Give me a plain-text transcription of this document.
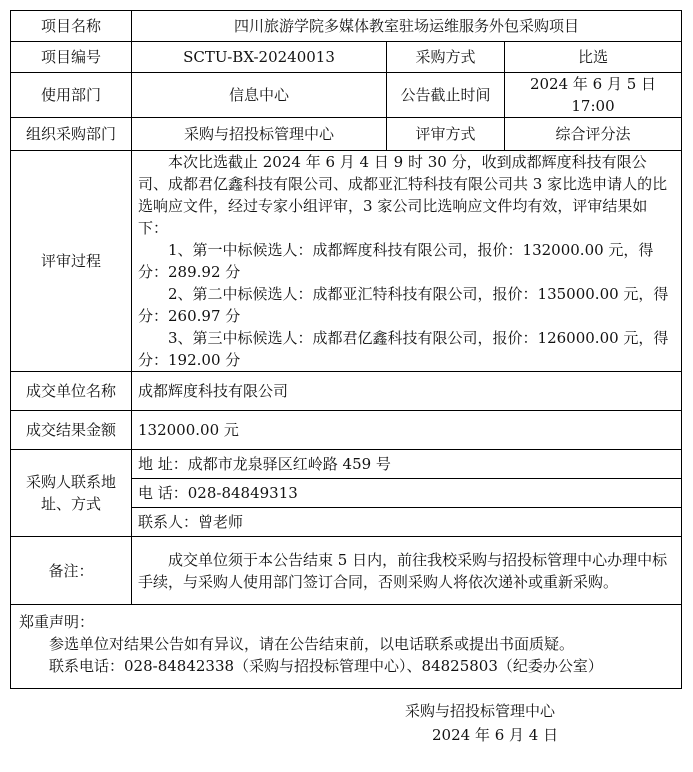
项目名称	四川旅游学院多媒体教室驻场运维服务外包采购项目		
项目编号	SCTU-BX-20240013	采购方式	比选
使用部门	信息中心	公告截止时间	2024 年 6 月 5 日 17:00
组织采购部门	采购与招投标管理中心	评审方式	综合评分法
评审过程	本次比选截止 2024 年 6 月 4 日 9 时 30 分，收到成都辉度科技有限公司、成都君亿鑫科技有限公司、成都亚汇特科技有限公司共 3 家比选申请人的比选响应文件，经过专家小组评审，3 家公司比选响应文件均有效，评审结果如下：

1、第一中标候选人：成都辉度科技有限公司，报价：132000.00 元，得分：289.92 分

2、第二中标候选人：成都亚汇特科技有限公司，报价：135000.00 元，得分：260.97 分

3、第三中标候选人：成都君亿鑫科技有限公司，报价：126000.00 元，得分：192.00 分		

成交单位名称	成都辉度科技有限公司		
成交结果金额	132000.00 元		
采购人联系地址、方式	地 址：成都市龙泉驿区红岭路 459 号		
	电 话：028-84849313		
	联系人：曾老师		
备注：	成交单位须于本公告结束 5 日内，前往我校采购与招投标管理中心办理中标手续，与采购人使用部门签订合同，否则采购人将依次递补或重新采购。		

郑重声明：
参选单位对结果公告如有异议，请在公告结束前，以电话联系或提出书面质疑。
联系电话：028-84842338（采购与招投标管理中心）、84825803（纪委办公室）			
采购与招投标管理中心
2024 年 6 月 4 日
